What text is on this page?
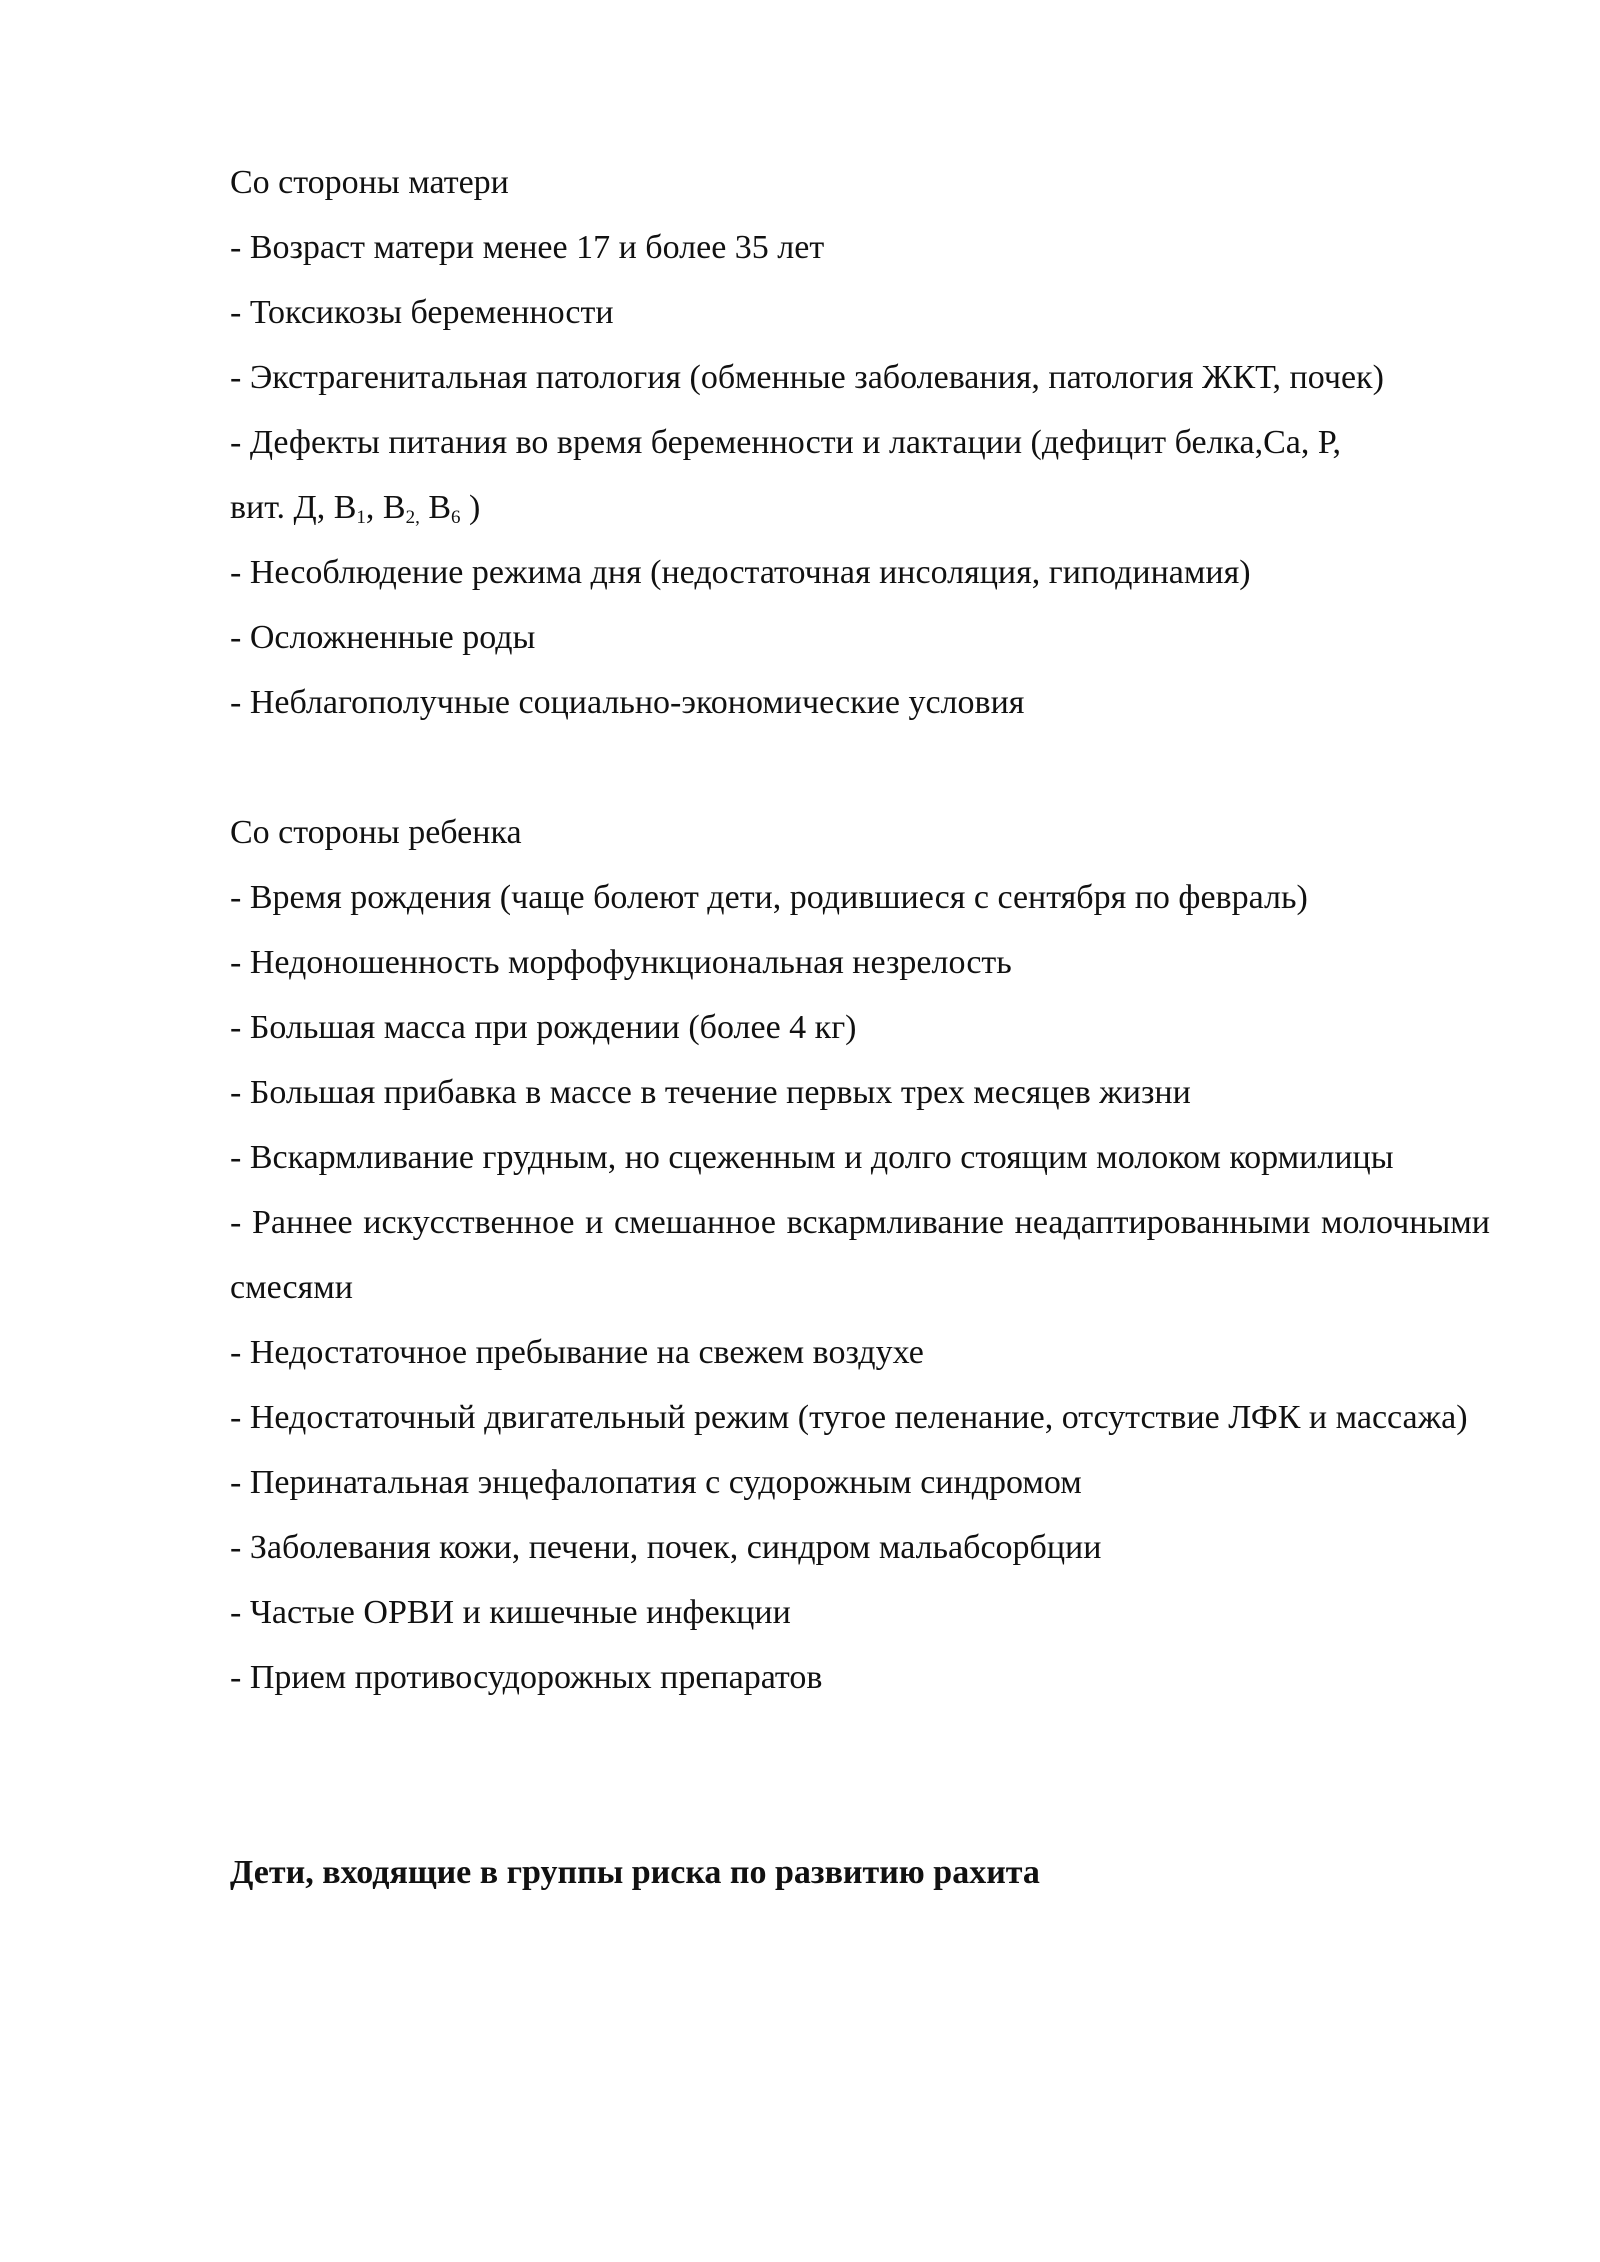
Со стороны матери

- Возраст матери менее 17 и более 35 лет

- Токсикозы беременности

- Экстрагенитальная патология (обменные заболевания, патология ЖКТ, почек)

- Дефекты питания во время беременности и лактации (дефицит белка,Са, Р,

вит. Д, $В_1$, $В_{2,}$ $В_6$ )

- Несоблюдение режима дня (недостаточная инсоляция, гиподинамия)

- Осложненные роды

- Неблагополучные социально-экономические условия

Со стороны ребенка

- Время рождения (чаще болеют дети, родившиеся с сентября по февраль)

- Недоношенность морфофункциональная незрелость

- Большая масса при рождении (более 4 кг)

- Большая прибавка в массе в течение первых трех месяцев жизни

- Вскармливание грудным, но сцеженным и долго стоящим молоком кормилицы

- Раннее искусственное и смешанное вскармливание неадаптированными молочными смесями

- Недостаточное пребывание на свежем воздухе

- Недостаточный двигательный режим (тугое пеленание, отсутствие ЛФК и массажа)

- Перинатальная энцефалопатия с судорожным синдромом

- Заболевания кожи, печени, почек, синдром мальабсорбции

- Частые ОРВИ и кишечные инфекции

- Прием противосудорожных препаратов

Дети, входящие в группы риска по развитию рахита
